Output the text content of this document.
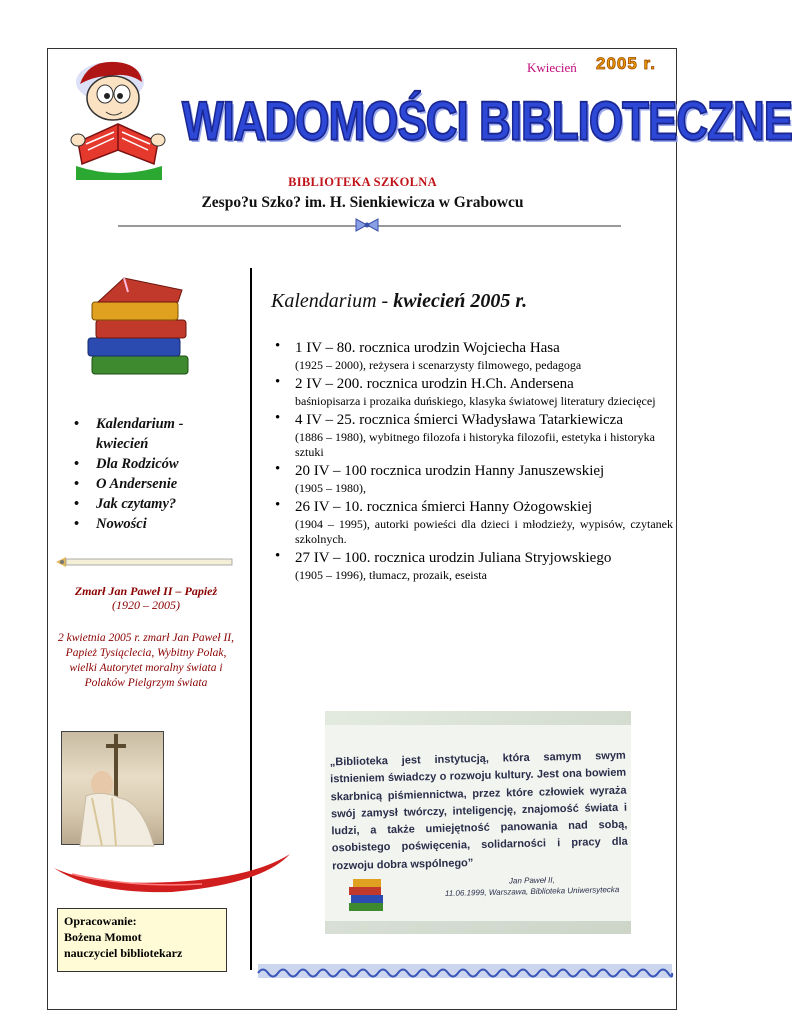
Kwiecień 2005 r.
WIADOMOŚCI BIBLIOTECZNE
BIBLIOTEKA SZKOLNA
Zespo?u Szko? im. H. Sienkiewicza w Grabowcu
• Kalendarium - kwiecień
• Dla Rodziców
• O Andersenie
• Jak czytamy?
• Nowości
Zmarł Jan Paweł II – Papież
(1920 – 2005)
2 kwietnia 2005 r. zmarł Jan Paweł II, Papież Tysiąclecia, Wybitny Polak, wielki Autorytet moralny świata i Polaków Pielgrzym świata
Opracowanie:
Bożena Momot
nauczyciel bibliotekarz
Kalendarium - kwiecień 2005 r.
• 1 IV – 80. rocznica urodzin Wojciecha Hasa
(1925 – 2000), reżysera i scenarzysty filmowego, pedagoga
• 2 IV – 200. rocznica urodzin H.Ch. Andersena
baśniopisarza i prozaika duńskiego, klasyka światowej literatury dziecięcej
• 4 IV – 25. rocznica śmierci Władysława Tatarkiewicza
(1886 – 1980), wybitnego filozofa i historyka filozofii, estetyka i historyka sztuki
• 20 IV – 100 rocznica urodzin Hanny Januszewskiej
(1905 – 1980),
• 26 IV – 10. rocznica śmierci Hanny Ożogowskiej
(1904 – 1995), autorki powieści dla dzieci i młodzieży, wypisów, czytanek szkolnych.
• 27 IV – 100. rocznica urodzin Juliana Stryjowskiego
(1905 – 1996), tłumacz, prozaik, eseista
„Biblioteka jest instytucją, która samym swym istnieniem świadczy o rozwoju kultury. Jest ona bowiem skarbnicą piśmiennictwa, przez które człowiek wyraża swój zamysł twórczy, inteligencję, znajomość świata i ludzi, a także umiejętność panowania nad sobą, osobistego poświęcenia, solidarności i pracy dla rozwoju dobra wspólnego”
Jan Paweł II,
11.06.1999, Warszawa, Biblioteka Uniwersytecka
